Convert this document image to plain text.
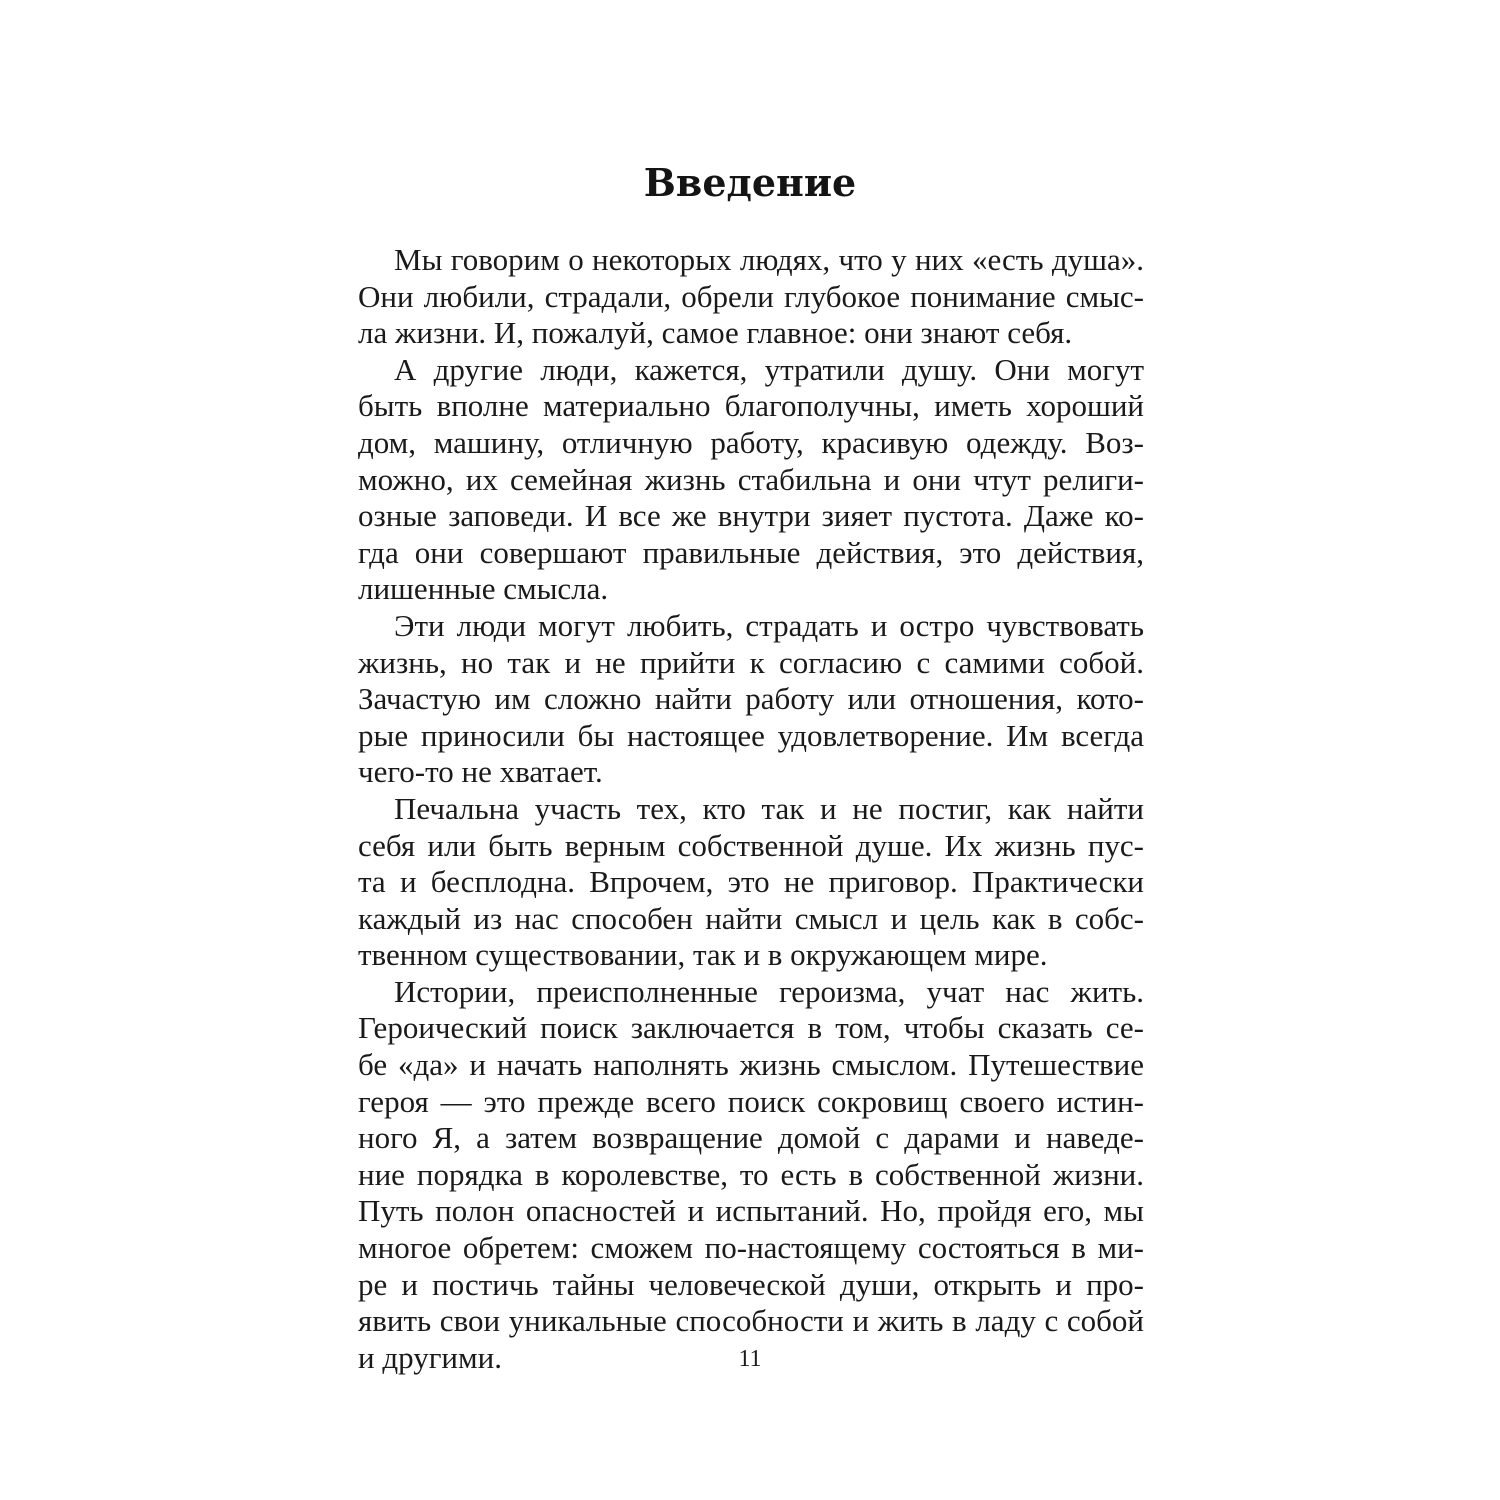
Введение
Мы говорим о некоторых людях, что у них «есть душа».
Они любили, страдали, обрели глубокое понимание смыс-
ла жизни. И, пожалуй, самое главное: они знают себя.
А другие люди, кажется, утратили душу. Они могут
быть вполне материально благополучны, иметь хороший
дом, машину, отличную работу, красивую одежду. Воз-
можно, их семейная жизнь стабильна и они чтут религи-
озные заповеди. И все же внутри зияет пустота. Даже ко-
гда они совершают правильные действия, это действия,
лишенные смысла.
Эти люди могут любить, страдать и остро чувствовать
жизнь, но так и не прийти к согласию с самими собой.
Зачастую им сложно найти работу или отношения, кото-
рые приносили бы настоящее удовлетворение. Им всегда
чего-то не хватает.
Печальна участь тех, кто так и не постиг, как найти
себя или быть верным собственной душе. Их жизнь пус-
та и бесплодна. Впрочем, это не приговор. Практически
каждый из нас способен найти смысл и цель как в собс-
твенном существовании, так и в окружающем мире.
Истории, преисполненные героизма, учат нас жить.
Героический поиск заключается в том, чтобы сказать се-
бе «да» и начать наполнять жизнь смыслом. Путешествие
героя — это прежде всего поиск сокровищ своего истин-
ного Я, а затем возвращение домой с дарами и наведе-
ние порядка в королевстве, то есть в собственной жизни.
Путь полон опасностей и испытаний. Но, пройдя его, мы
многое обретем: сможем по-настоящему состояться в ми-
ре и постичь тайны человеческой души, открыть и про-
явить свои уникальные способности и жить в ладу с собой
и другими.	11
